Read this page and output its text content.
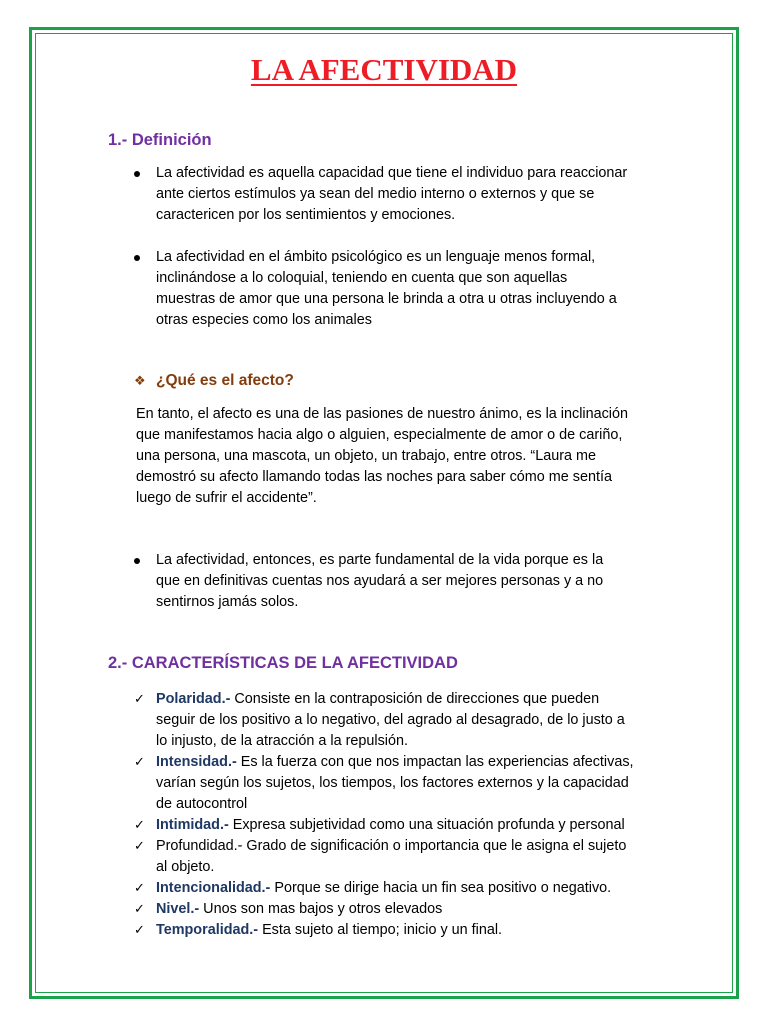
LA AFECTIVIDAD
1.- Definición

La afectividad es aquella capacidad que tiene el individuo para reaccionar
ante ciertos estímulos ya sean del medio interno o externos y que se
caractericen por los sentimientos y emociones.

La afectividad en el ámbito psicológico es un lenguaje menos formal,
inclinándose a lo coloquial, teniendo en cuenta que son aquellas
muestras de amor que una persona le brinda a otra u otras incluyendo a
otras especies como los animales

❖ ¿Qué es el afecto?

En tanto, el afecto es una de las pasiones de nuestro ánimo, es la inclinación
que manifestamos hacia algo o alguien, especialmente de amor o de cariño,
una persona, una mascota, un objeto, un trabajo, entre otros. “Laura me
demostró su afecto llamando todas las noches para saber cómo me sentía
luego de sufrir el accidente”.

La afectividad, entonces, es parte fundamental de la vida porque es la
que en definitivas cuentas nos ayudará a ser mejores personas y a no
sentirnos jamás solos.

2.- CARACTERÍSTICAS DE LA AFECTIVIDAD
✓ Polaridad.- Consiste en la contraposición de direcciones que pueden
seguir de los positivo a lo negativo, del agrado al desagrado, de lo justo a
lo injusto, de la atracción a la repulsión.
✓ Intensidad.- Es la fuerza con que nos impactan las experiencias afectivas,
varían según los sujetos, los tiempos, los factores externos y la capacidad
de autocontrol
✓ Intimidad.- Expresa subjetividad como una situación profunda y personal
✓ Profundidad.- Grado de significación o importancia que le asigna el sujeto
al objeto.
✓ Intencionalidad.- Porque se dirige hacia un fin sea positivo o negativo.
✓ Nivel.- Unos son mas bajos y otros elevados
✓ Temporalidad.- Esta sujeto al tiempo; inicio y un final.
